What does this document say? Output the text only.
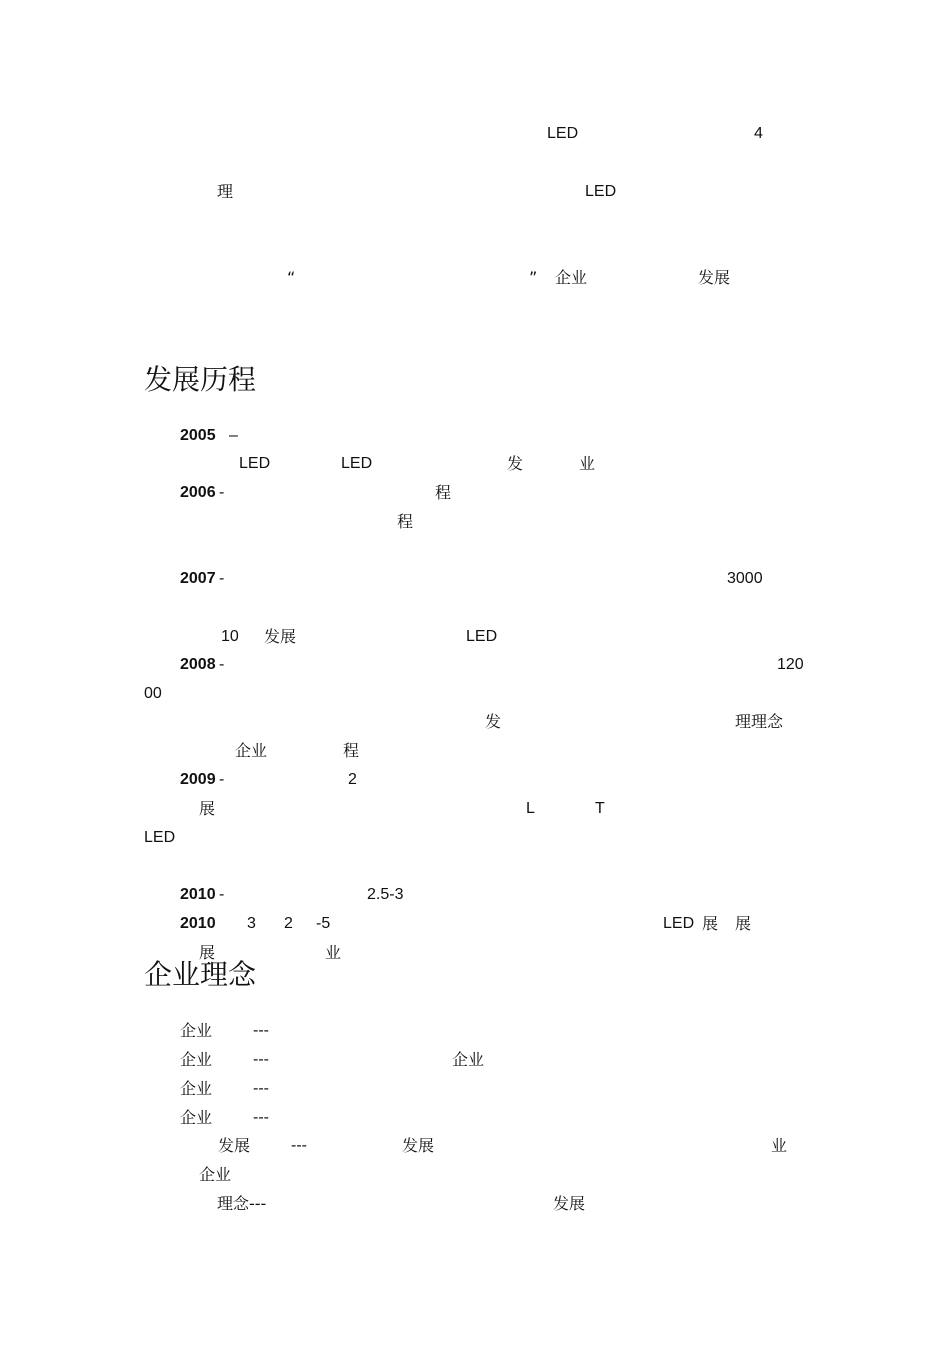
LED	4
理	LED
“	” 企业	发展
发展历程
2005 –
LED	LED	发	业
2006 -	程
程
2007 -	3000
10 发展	LED
2008 -	120
00
发	理理念
企业	程
2009 -	2
展	L	T
LED
2010 -	2.5-3
2010 3 2 -5	LED 展 展
展	业
企业理念
企业	---
企业	---	企业
企业	---
企业	---
发展	---	发展	业
企业
理念---	发展
